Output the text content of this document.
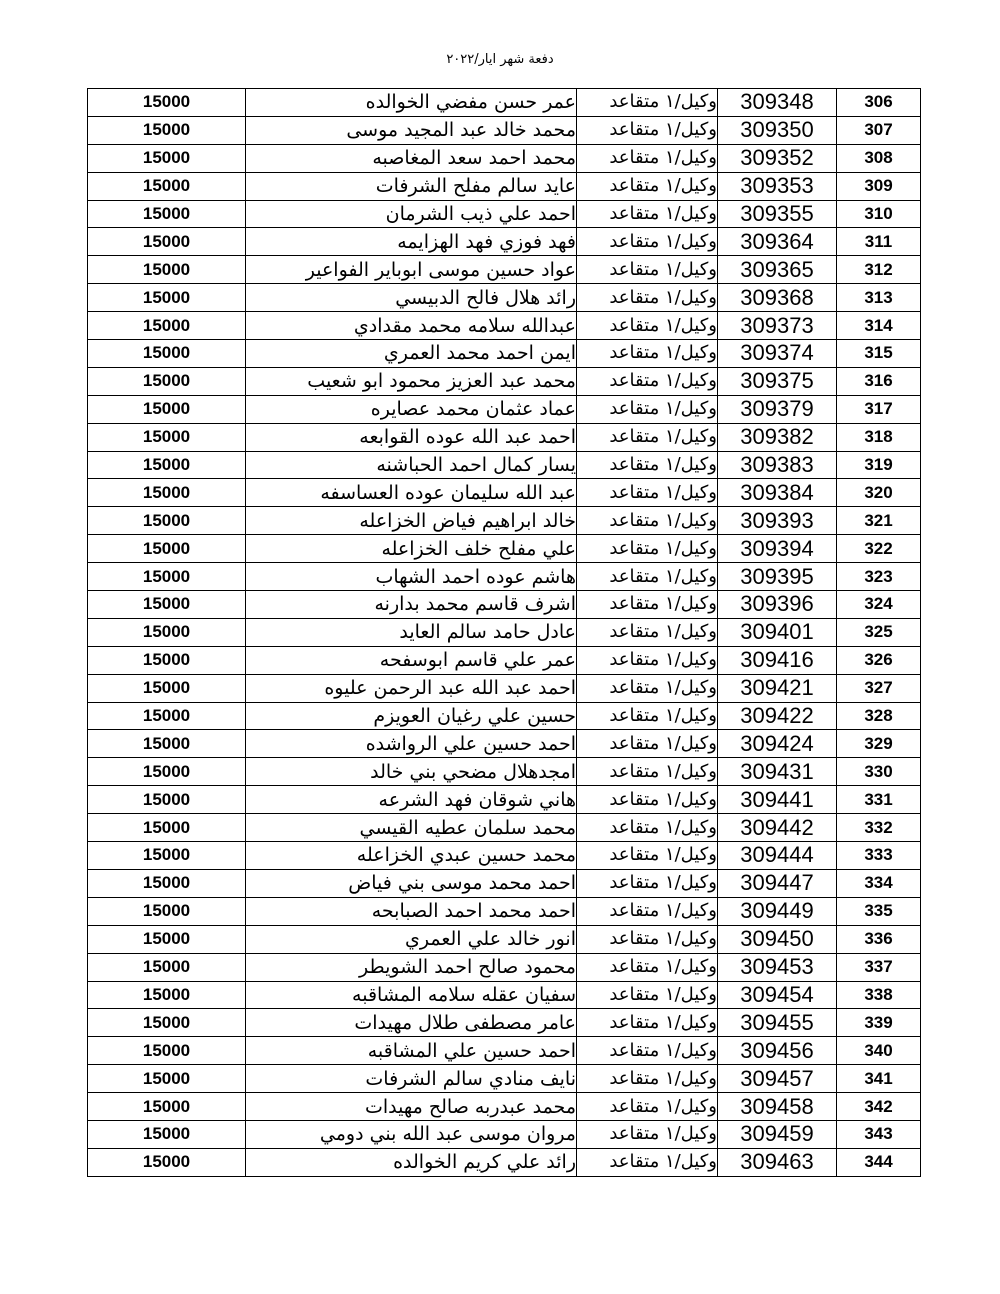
دفعة شهر ايار/٢٠٢٢
15000	عمر حسن مفضي الخوالده	وكيل/١ متقاعد	309348	306
15000	محمد خالد عبد المجيد موسى	وكيل/١ متقاعد	309350	307
15000	محمد احمد سعد المغاصبه	وكيل/١ متقاعد	309352	308
15000	عايد سالم مفلح الشرفات	وكيل/١ متقاعد	309353	309
15000	احمد علي ذيب الشرمان	وكيل/١ متقاعد	309355	310
15000	فهد فوزي فهد الهزايمه	وكيل/١ متقاعد	309364	311
15000	عواد حسين موسى ابوباير الفواعير	وكيل/١ متقاعد	309365	312
15000	رائد هلال فالح الدبيسي	وكيل/١ متقاعد	309368	313
15000	عبدالله سلامه محمد مقدادي	وكيل/١ متقاعد	309373	314
15000	ايمن احمد محمد العمري	وكيل/١ متقاعد	309374	315
15000	محمد عبد العزيز محمود ابو شعيب	وكيل/١ متقاعد	309375	316
15000	عماد عثمان محمد عصايره	وكيل/١ متقاعد	309379	317
15000	احمد عبد الله عوده القوابعه	وكيل/١ متقاعد	309382	318
15000	يسار كمال احمد الحباشنه	وكيل/١ متقاعد	309383	319
15000	عبد الله سليمان عوده العساسفه	وكيل/١ متقاعد	309384	320
15000	خالد ابراهيم فياض الخزاعله	وكيل/١ متقاعد	309393	321
15000	علي مفلح خلف الخزاعله	وكيل/١ متقاعد	309394	322
15000	هاشم عوده احمد الشهاب	وكيل/١ متقاعد	309395	323
15000	اشرف قاسم محمد بدارنه	وكيل/١ متقاعد	309396	324
15000	عادل حامد سالم العايد	وكيل/١ متقاعد	309401	325
15000	عمر علي قاسم ابوسفحه	وكيل/١ متقاعد	309416	326
15000	احمد عبد الله عبد الرحمن عليوه	وكيل/١ متقاعد	309421	327
15000	حسين علي رغيان العويزم	وكيل/١ متقاعد	309422	328
15000	احمد حسين علي الرواشده	وكيل/١ متقاعد	309424	329
15000	امجدهلال مضحي بني خالد	وكيل/١ متقاعد	309431	330
15000	هاني شوقان فهد الشرعه	وكيل/١ متقاعد	309441	331
15000	محمد سلمان عطيه القيسي	وكيل/١ متقاعد	309442	332
15000	محمد حسين عبدي الخزاعله	وكيل/١ متقاعد	309444	333
15000	احمد محمد موسى بني فياض	وكيل/١ متقاعد	309447	334
15000	احمد محمد احمد الصبابحه	وكيل/١ متقاعد	309449	335
15000	انور خالد علي العمري	وكيل/١ متقاعد	309450	336
15000	محمود صالح احمد الشويطر	وكيل/١ متقاعد	309453	337
15000	سفيان عقله سلامه المشاقبه	وكيل/١ متقاعد	309454	338
15000	عامر مصطفى طلال مهيدات	وكيل/١ متقاعد	309455	339
15000	احمد حسين علي المشاقبه	وكيل/١ متقاعد	309456	340
15000	نايف منادي سالم الشرفات	وكيل/١ متقاعد	309457	341
15000	محمد عبدربه صالح مهيدات	وكيل/١ متقاعد	309458	342
15000	مروان موسى عبد الله بني دومي	وكيل/١ متقاعد	309459	343
15000	رائد علي كريم الخوالده	وكيل/١ متقاعد	309463	344
